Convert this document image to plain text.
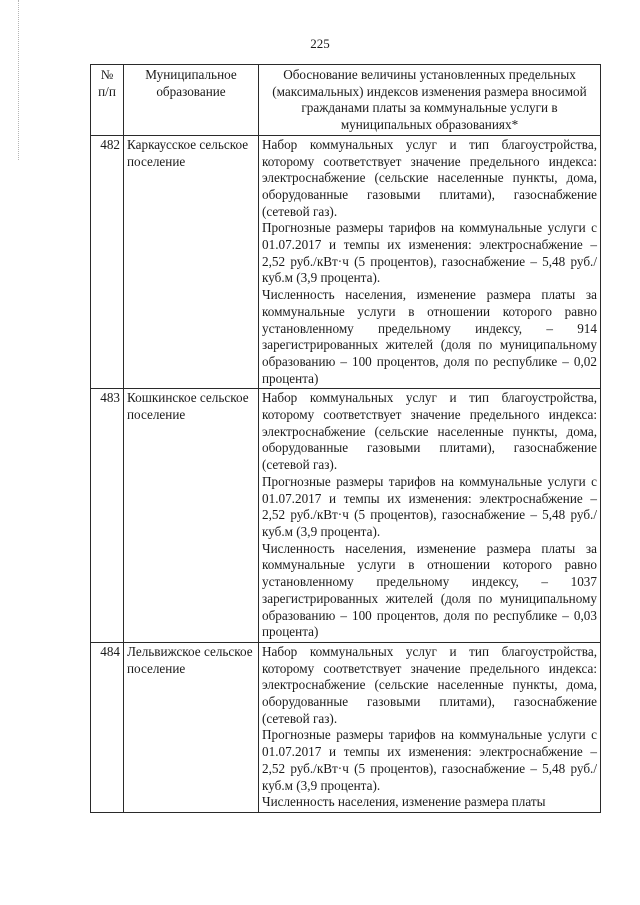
225
№ п/п	Муниципальное образование	Обоснование величины установленных предельных (максимальных) индексов изменения размера вносимой гражданами платы за коммунальные услуги в муниципальных образованиях*
482	Каркаусское сельское поселение	Набор коммунальных услуг и тип благоустройства, которому соответствует значение предельного индекса: электроснабжение (сельские населенные пункты, дома, оборудованные газовыми плитами), газоснабжение (сетевой газ).

Прогнозные размеры тарифов на коммунальные услуги с 01.07.2017 и темпы их изменения: электроснабжение – 2,52 руб./кВт·ч (5 процентов), газоснабжение – 5,48 руб./куб.м (3,9 процента).

Численность населения, изменение размера платы за коммунальные услуги в отношении которого равно установленному предельному индексу, – 914 зарегистрированных жителей (доля по муниципальному образованию – 100 процентов, доля по республике – 0,02 процента)

483	Кошкинское сельское поселение	Набор коммунальных услуг и тип благоустройства, которому соответствует значение предельного индекса: электроснабжение (сельские населенные пункты, дома, оборудованные газовыми плитами), газоснабжение (сетевой газ).

Прогнозные размеры тарифов на коммунальные услуги с 01.07.2017 и темпы их изменения: электроснабжение – 2,52 руб./кВт·ч (5 процентов), газоснабжение – 5,48 руб./куб.м (3,9 процента).

Численность населения, изменение размера платы за коммунальные услуги в отношении которого равно установленному предельному индексу, – 1037 зарегистрированных жителей (доля по муниципальному образованию – 100 процентов, доля по республике – 0,03 процента)

484	Лельвижское сельское поселение	Набор коммунальных услуг и тип благоустройства, которому соответствует значение предельного индекса: электроснабжение (сельские населенные пункты, дома, оборудованные газовыми плитами), газоснабжение (сетевой газ).

Прогнозные размеры тарифов на коммунальные услуги с 01.07.2017 и темпы их изменения: электроснабжение – 2,52 руб./кВт·ч (5 процентов), газоснабжение – 5,48 руб./куб.м (3,9 процента).

Численность населения, изменение размера платы
